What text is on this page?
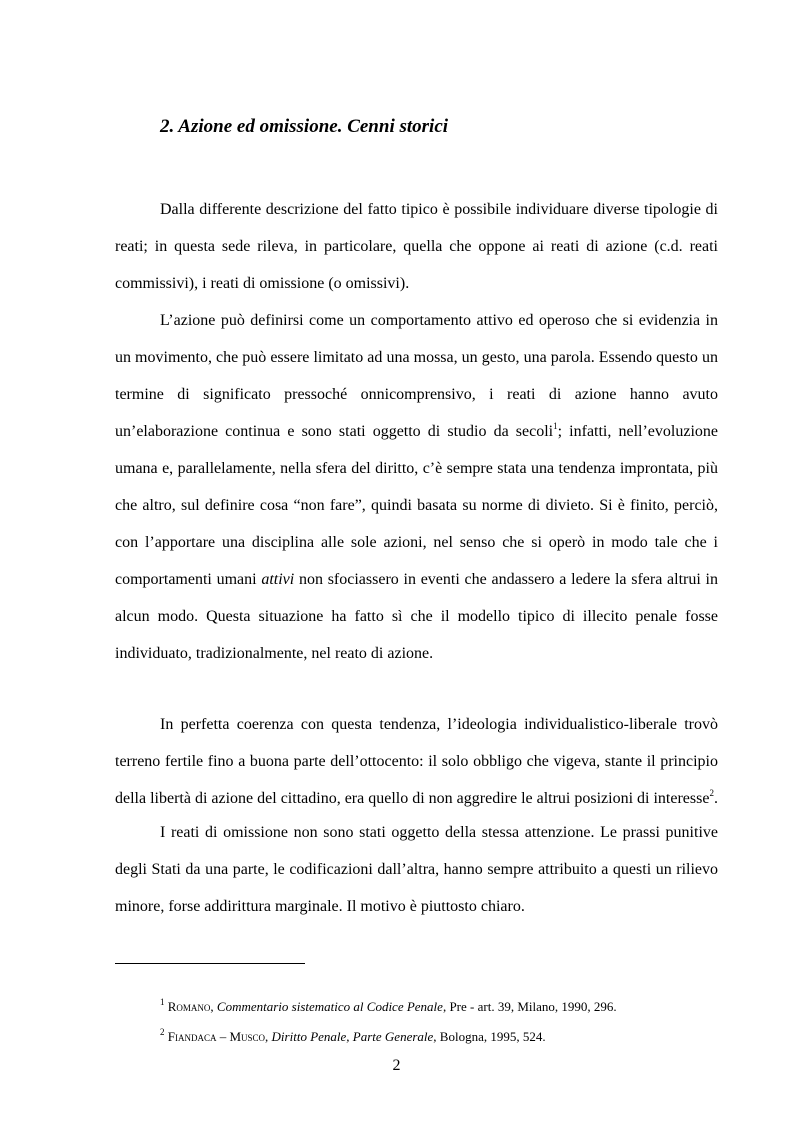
2. Azione ed omissione. Cenni storici

Dalla differente descrizione del fatto tipico è possibile individuare diverse tipologie di reati; in questa sede rileva, in particolare, quella che oppone ai reati di azione (c.d. reati commissivi), i reati di omissione (o omissivi).

L’azione può definirsi come un comportamento attivo ed operoso che si evidenzia in un movimento, che può essere limitato ad una mossa, un gesto, una parola. Essendo questo un termine di significato pressoché onnicomprensivo, i reati di azione hanno avuto un’elaborazione continua e sono stati oggetto di studio da secoli$^1$; infatti, nell’evoluzione umana e, parallelamente, nella sfera del diritto, c’è sempre stata una tendenza improntata, più che altro, sul definire cosa “non fare”, quindi basata su norme di divieto. Si è finito, perciò, con l’apportare una disciplina alle sole azioni, nel senso che si operò in modo tale che i comportamenti umani attivi non sfociassero in eventi che andassero a ledere la sfera altrui in alcun modo. Questa situazione ha fatto sì che il modello tipico di illecito penale fosse individuato, tradizionalmente, nel reato di azione.

In perfetta coerenza con questa tendenza, l’ideologia individualistico-liberale trovò terreno fertile fino a buona parte dell’ottocento: il solo obbligo che vigeva, stante il principio della libertà di azione del cittadino, era quello di non aggredire le altrui posizioni di interesse$^2$.

I reati di omissione non sono stati oggetto della stessa attenzione. Le prassi punitive degli Stati da una parte, le codificazioni dall’altra, hanno sempre attribuito a questi un rilievo minore, forse addirittura marginale. Il motivo è piuttosto chiaro.

$^1$ Romano, Commentario sistematico al Codice Penale, Pre - art. 39, Milano, 1990, 296.

$^2$ Fiandaca – Musco, Diritto Penale, Parte Generale, Bologna, 1995, 524.

2
